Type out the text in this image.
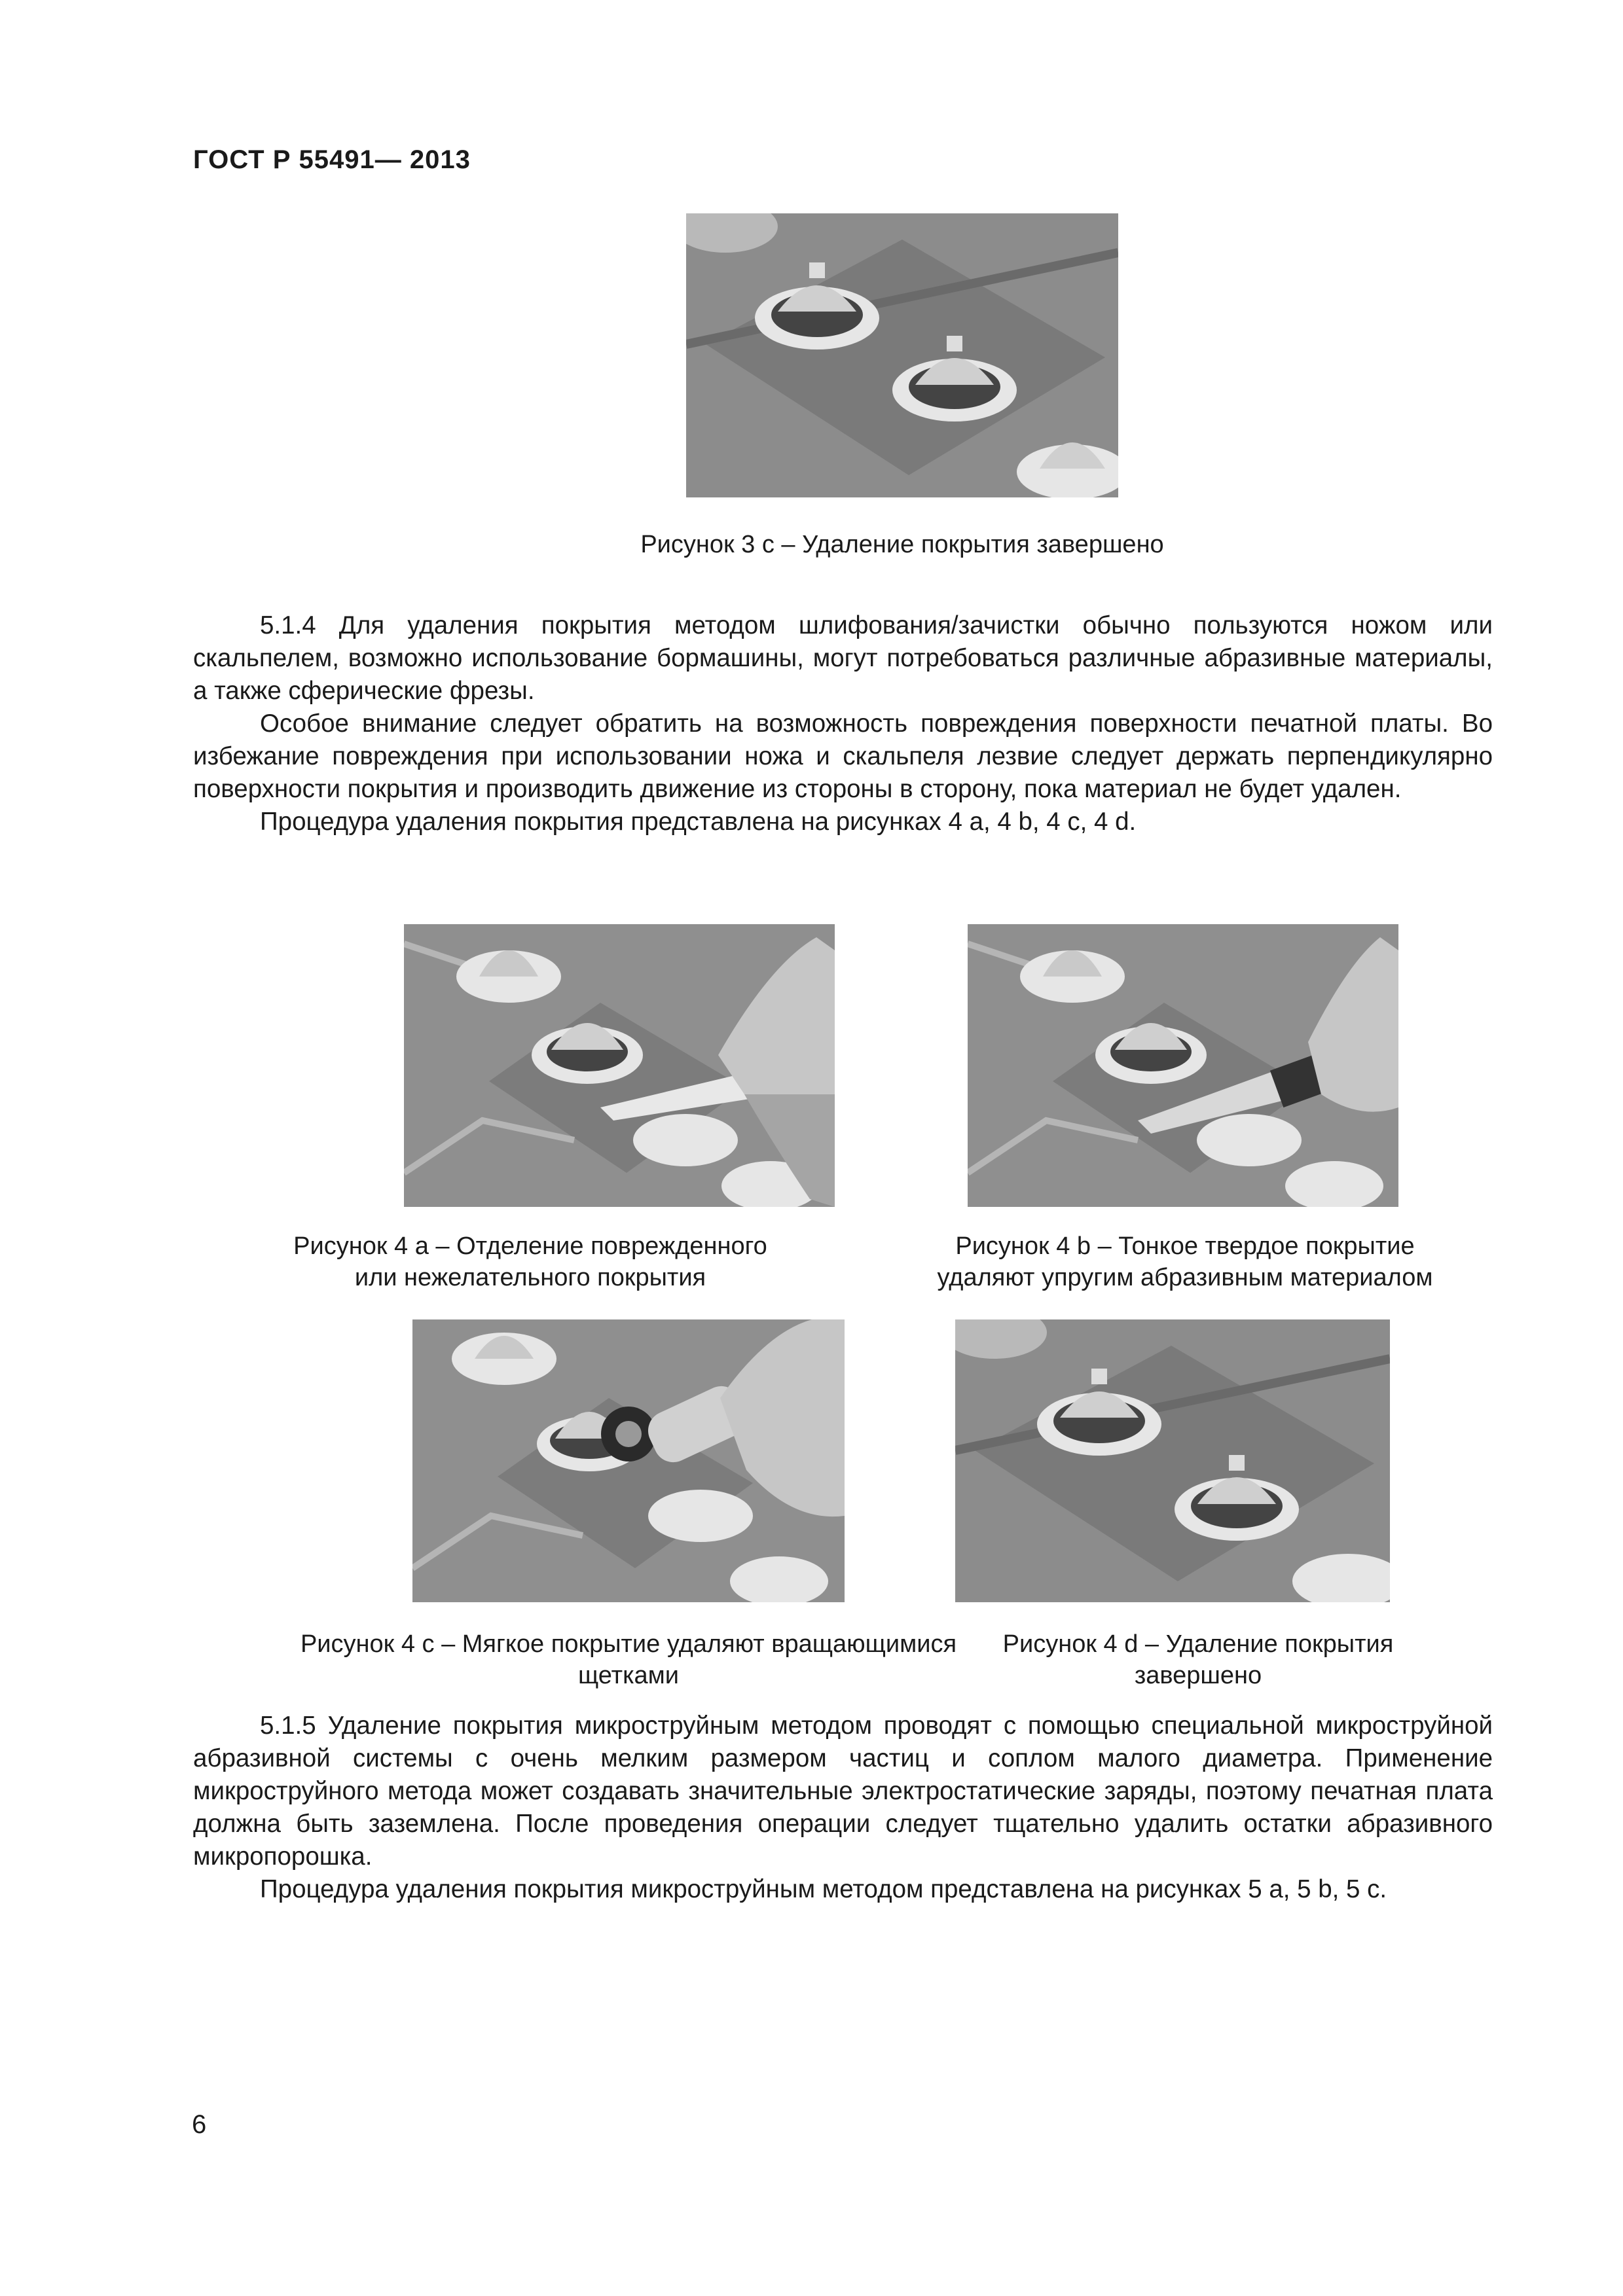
ГОСТ Р 55491— 2013
Рисунок 3 с – Удаление покрытия завершено

5.1.4 Для удаления покрытия методом шлифования/зачистки обычно пользуются ножом или скальпелем, возможно использование бормашины, могут потребоваться различные абразивные материалы, а также сферические фрезы.

Особое внимание следует обратить на возможность повреждения поверхности печатной платы. Во избежание повреждения при использовании ножа и скальпеля лезвие следует держать перпендикулярно поверхности покрытия и производить движение из стороны в сторону, пока материал не будет удален.

Процедура удаления покрытия представлена на рисунках 4 a, 4 b, 4 c, 4 d.

Рисунок 4 a – Отделение поврежденного
или нежелательного покрытия
Рисунок 4 b – Тонкое твердое покрытие
удаляют упругим абразивным материалом
Рисунок 4 c – Мягкое покрытие удаляют вращающимися
щетками
Рисунок 4 d – Удаление покрытия
завершено

5.1.5 Удаление покрытия микроструйным методом проводят с помощью специальной микроструйной абразивной системы с очень мелким размером частиц и соплом малого диаметра. Применение микроструйного метода может создавать значительные электростатические заряды, поэтому печатная плата должна быть заземлена. После проведения операции следует тщательно удалить остатки абразивного микропорошка.

Процедура удаления покрытия микроструйным методом представлена на рисунках 5 a, 5 b, 5 c.

6
